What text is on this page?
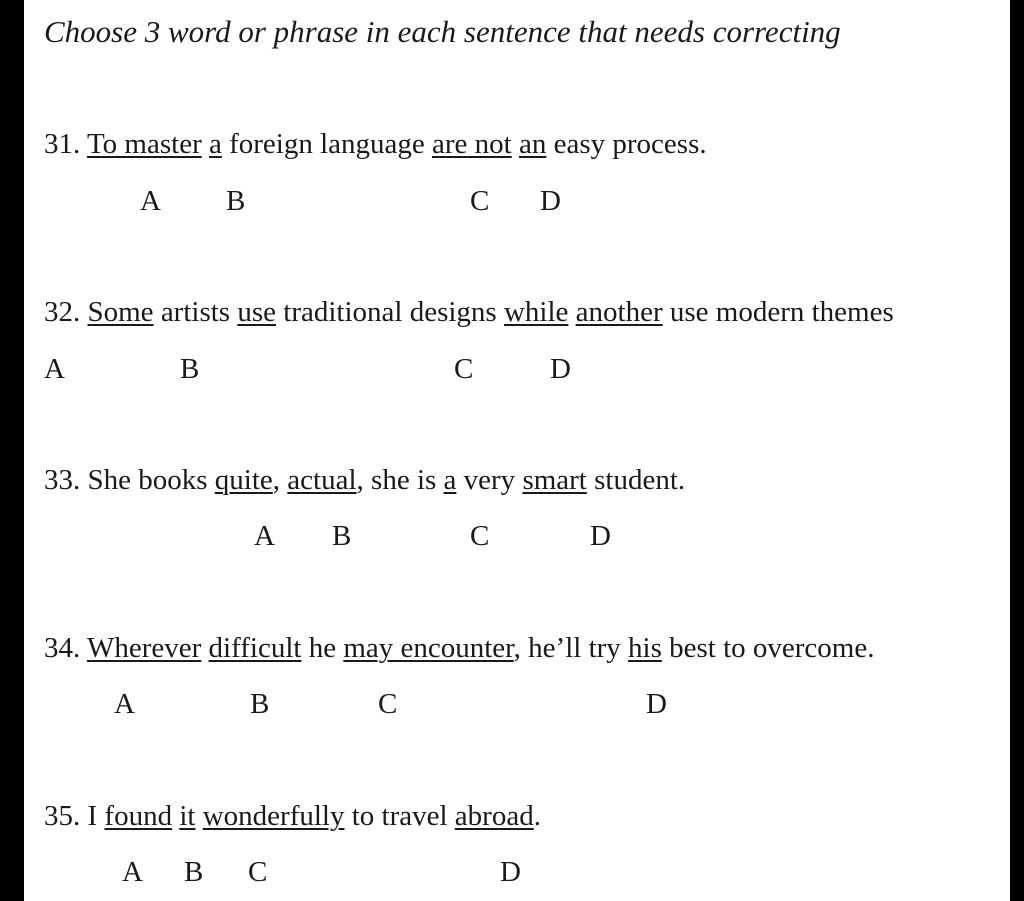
Choose 3 word or phrase in each sentence that needs correcting
31. To master a foreign language are not an easy process.
A B	C D
32. Some artists use traditional designs while another use modern themes
A	B	C	D
33. She books quite, actual, she is a very smart student.
A B	C	D
34. Wherever difficult he may encounter, he’ll try his best to overcome.
A	B	C	D
35. I found it wonderfully to travel abroad.
A B C	D
